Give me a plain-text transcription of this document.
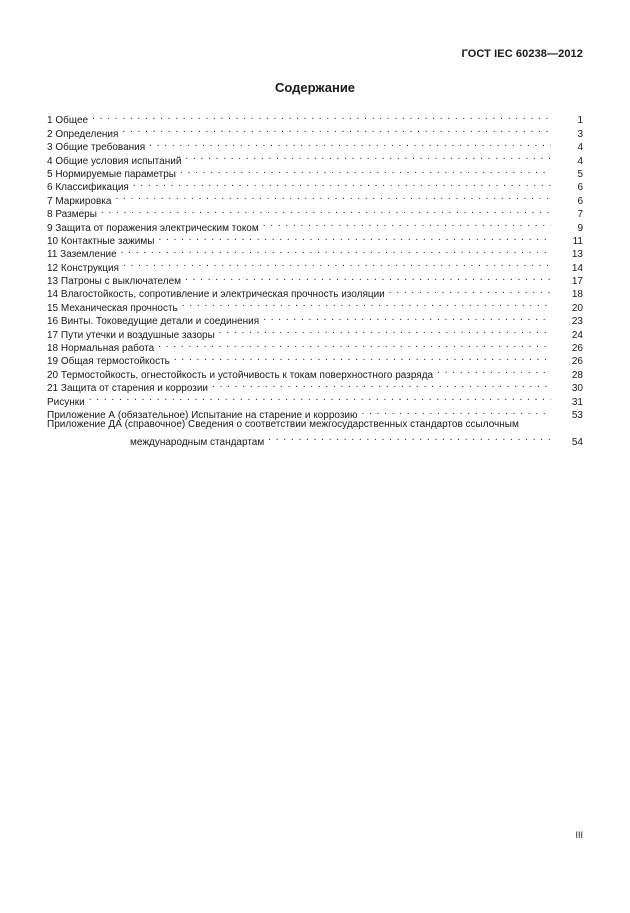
ГОСТ IEC 60238—2012
Содержание
1 Общее . . .	1
2 Определения . . .	3
3 Общие требования . . .	4
4 Общие условия испытаний . . .	4
5 Нормируемые параметры . . .	5
6 Классификация . . .	6
7 Маркировка . . .	6
8 Размеры . . .	7
9 Защита от поражения электрическим током . . .	9
10 Контактные зажимы . . .	11
11 Заземление . . .	13
12 Конструкция . . .	14
13 Патроны с выключателем . . .	17
14 Влагостойкость, сопротивление и электрическая прочность изоляции . . .	18
15 Механическая прочность . . .	20
16 Винты. Токоведущие детали и соединения . . .	23
17 Пути утечки и воздушные зазоры . . .	24
18 Нормальная работа . . .	26
19 Общая термостойкость . . .	26
20 Термостойкость, огнестойкость и устойчивость к токам поверхностного разряда . . .	28
21 Защита от старения и коррозии . . .	30
Рисунки . . .	31
Приложение А (обязательное) Испытание на старение и коррозию . . .	53
Приложение ДА (справочное) Сведения о соответствии межгосударственных стандартов ссылочным
международным стандартам . . .	54
III
